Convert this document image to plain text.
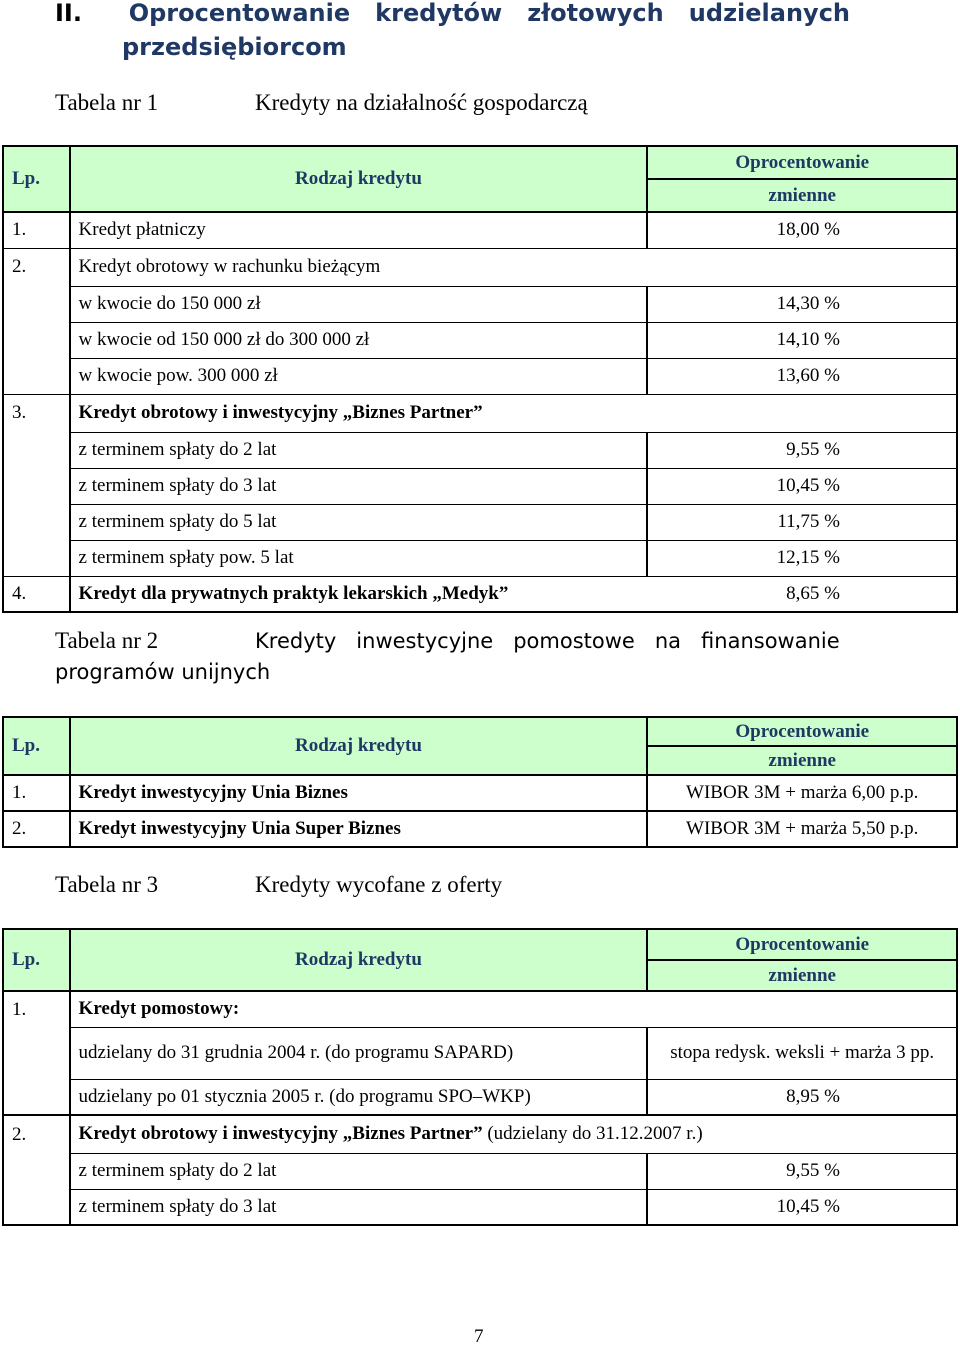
II. Oprocentowanie   kredytów   złotowych   udzielanych
przedsiębiorcom
Tabela nr 1	Kredyty na działalność gospodarczą
Lp.	Rodzaj kredytu	Oprocentowanie
zmienne

1.	Kredyt płatniczy	18,00 %
2.	Kredyt obrotowy w rachunku bieżącym	
	w kwocie do 150 000 zł	14,30 %
	w kwocie od 150 000 zł do 300 000 zł	14,10 %
	w kwocie pow. 300 000 zł	13,60 %
3.	Kredyt obrotowy i inwestycyjny „Biznes Partner”	
	z terminem spłaty do 2 lat	9,55 %
	z terminem spłaty do 3 lat	10,45 %
	z terminem spłaty do 5 lat	11,75 %
	z terminem spłaty pow. 5 lat	12,15 %
4.	Kredyt dla prywatnych praktyk lekarskich „Medyk”	8,65 %
Tabela nr 2	Kredyty   inwestycyjne   pomostowe   na   finansowanie
programów unijnych
Lp.	Rodzaj kredytu	Oprocentowanie
zmienne

1.	Kredyt inwestycyjny Unia Biznes	WIBOR 3M + marża 6,00 p.p.
2.	Kredyt inwestycyjny Unia Super Biznes	WIBOR 3M + marża 5,50 p.p.
Tabela nr 3	Kredyty wycofane z oferty
Lp.	Rodzaj kredytu	Oprocentowanie
zmienne

1.	Kredyt pomostowy:	
	udzielany do 31 grudnia 2004 r. (do programu SAPARD)	stopa redysk. weksli + marża 3 pp.
	udzielany po 01 stycznia 2005 r. (do programu SPO–WKP)	8,95 %
2.	Kredyt obrotowy i inwestycyjny „Biznes Partner” (udzielany do 31.12.2007 r.)	
	z terminem spłaty do 2 lat	9,55 %
	z terminem spłaty do 3 lat	10,45 %
7
